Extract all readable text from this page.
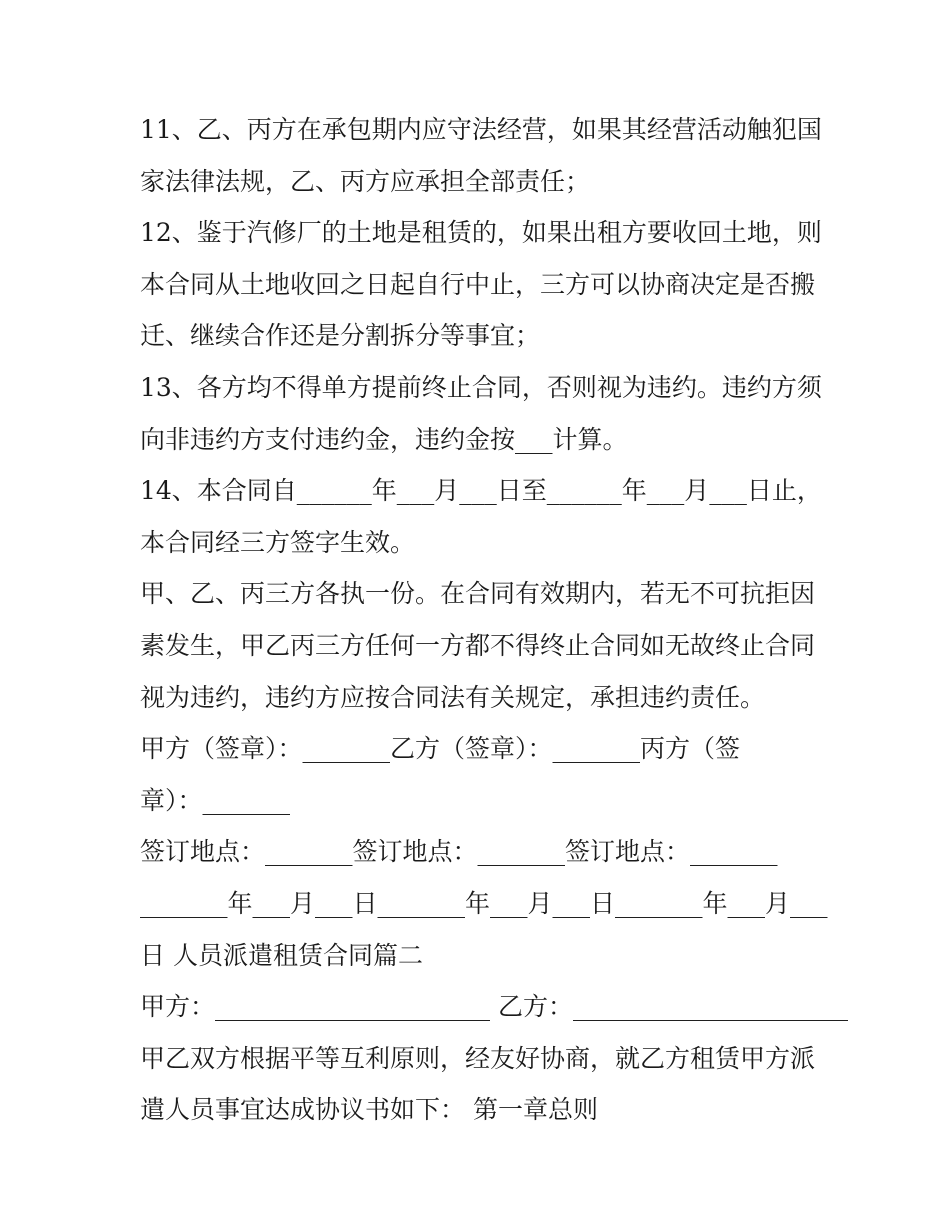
11、乙、丙方在承包期内应守法经营，如果其经营活动触犯国
家法律法规，乙、丙方应承担全部责任；
12、鉴于汽修厂的土地是租赁的，如果出租方要收回土地，则
本合同从土地收回之日起自行中止，三方可以协商决定是否搬
迁、继续合作还是分割拆分等事宜；
13、各方均不得单方提前终止合同，否则视为违约。违约方须
向非违约方支付违约金，违约金按___计算。
14、本合同自______年___月___日至______年___月___日止，
本合同经三方签字生效。
甲、乙、丙三方各执一份。在合同有效期内，若无不可抗拒因
素发生，甲乙丙三方任何一方都不得终止合同如无故终止合同
视为违约，违约方应按合同法有关规定，承担违约责任。
甲方（签章）：_______乙方（签章）：_______丙方（签
章）：_______
签订地点：_______签订地点：_______签订地点：_______
_______年___月___日_______年___月___日_______年___月___
日 人员派遣租赁合同篇二
甲方：______________________ 乙方：______________________
甲乙双方根据平等互利原则，经友好协商，就乙方租赁甲方派
遣人员事宜达成协议书如下： 第一章总则
